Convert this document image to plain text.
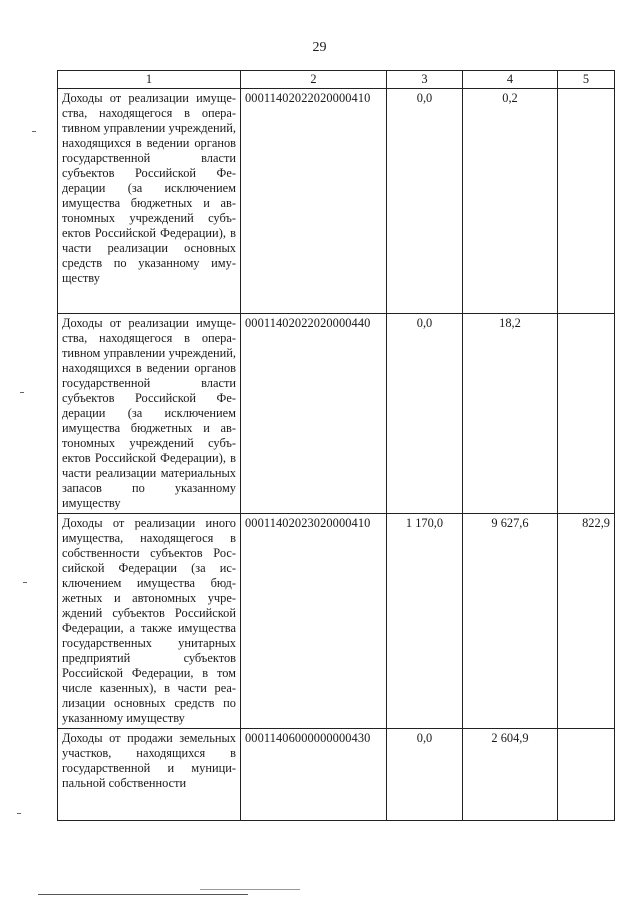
29
1	2	3	4	5
Доходы от реализации имущества, находящегося в оперативном управлении учреждений, находящихся в ведении органов государственной власти субъектов Российской Федерации (за исключением имущества бюджетных и автономных учреждений субъектов Российской Федерации), в части реализации основных средств по указанному имуществу	00011402022020000410	0,0	0,2	
Доходы от реализации имущества, находящегося в оперативном управлении учреждений, находящихся в ведении органов государственной власти субъектов Российской Федерации (за исключением имущества бюджетных и автономных учреждений субъектов Российской Федерации), в части реализации материальных запасов по указанному имуществу	00011402022020000440	0,0	18,2	
Доходы от реализации иного имущества, находящегося в собственности субъектов Российской Федерации (за исключением имущества бюджетных и автономных учреждений субъектов Российской Федерации, а также имущества государственных унитарных предприятий субъектов Российской Федерации, в том числе казенных), в части реализации основных средств по указанному имуществу	00011402023020000410	1 170,0	9 627,6	822,9
Доходы от продажи земельных участков, находящихся в государственной и муниципальной собственности	00011406000000000430	0,0	2 604,9	
